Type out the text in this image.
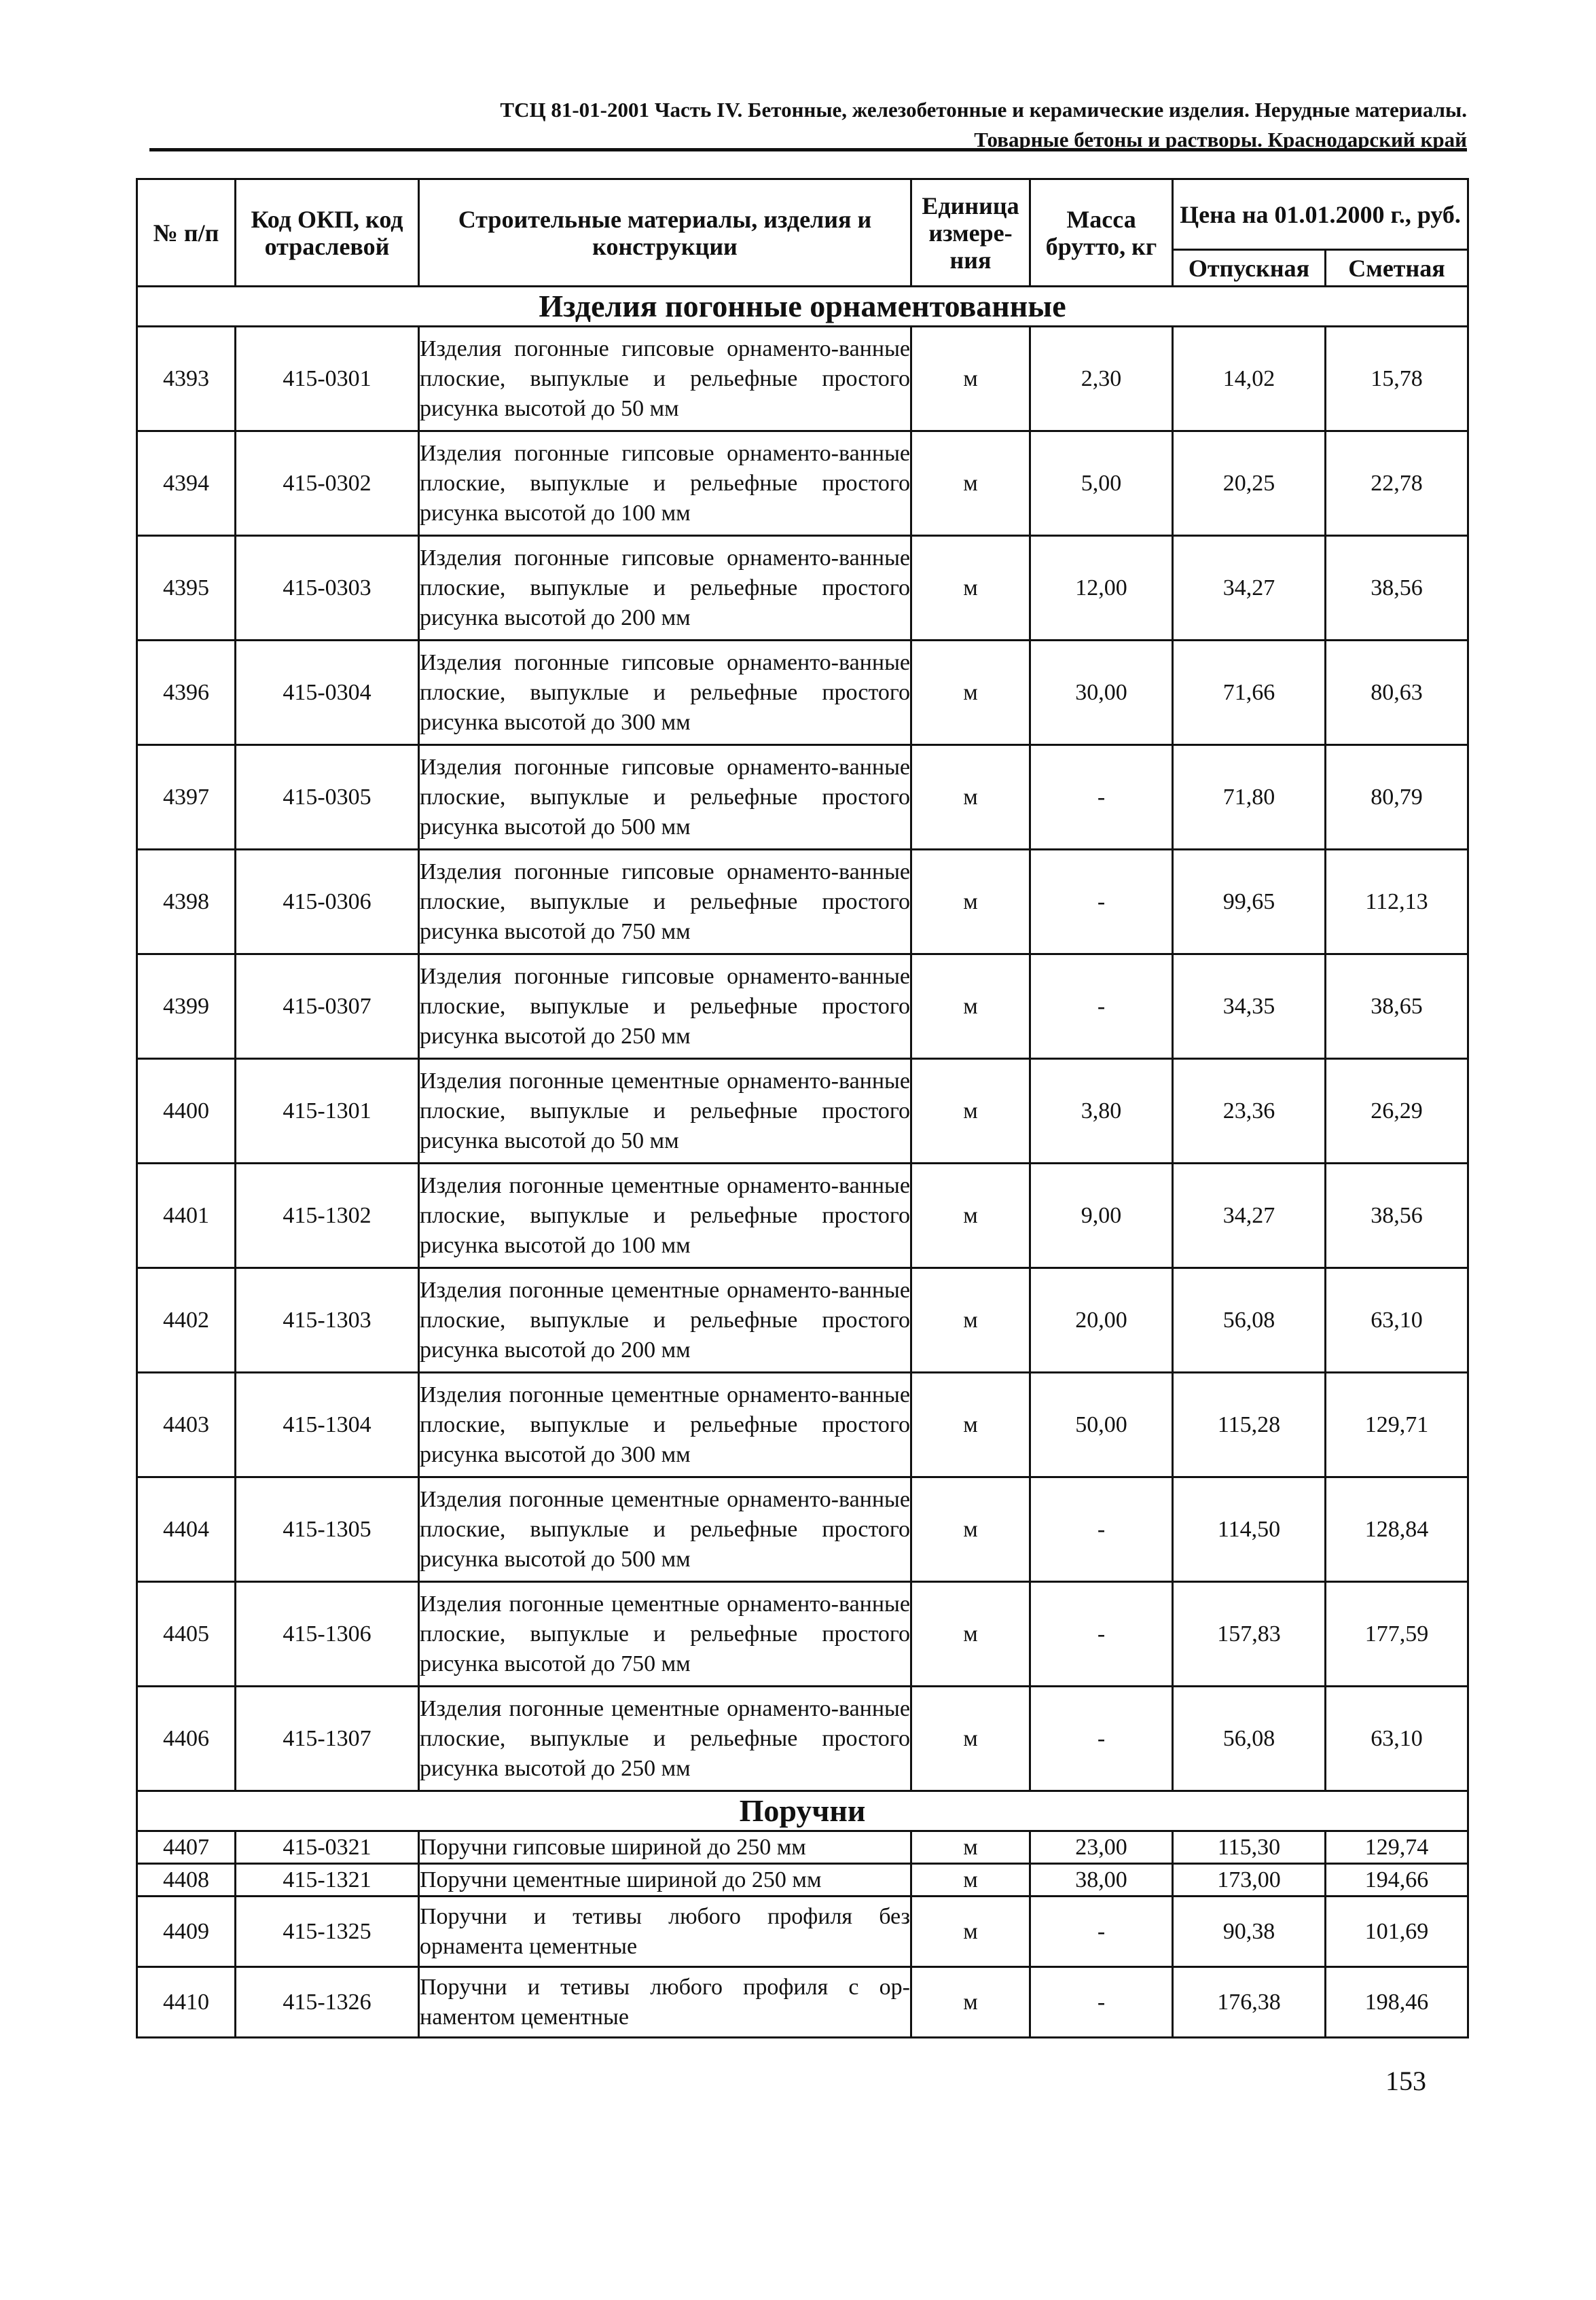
ТСЦ 81-01-2001 Часть IV. Бетонные, железобетонные и керамические изделия. Нерудные материалы.
Товарные бетоны и растворы. Краснодарский край
№ п/п	Код ОКП, код отраслевой	Строительные материалы, изделия и конструкции	Единица измере-ния	Масса брутто, кг	Цена на 01.01.2000 г., руб.	
					Отпускная	Сметная
Изделия погонные орнаментованные						
4393	415-0301	Изделия погонные гипсовые орнаменто-ванные плоские, выпуклые и рельефные простого рисунка высотой до 50 мм	м	2,30	14,02	15,78
4394	415-0302	Изделия погонные гипсовые орнаменто-ванные плоские, выпуклые и рельефные простого рисунка высотой до 100 мм	м	5,00	20,25	22,78
4395	415-0303	Изделия погонные гипсовые орнаменто-ванные плоские, выпуклые и рельефные простого рисунка высотой до 200 мм	м	12,00	34,27	38,56
4396	415-0304	Изделия погонные гипсовые орнаменто-ванные плоские, выпуклые и рельефные простого рисунка высотой до 300 мм	м	30,00	71,66	80,63
4397	415-0305	Изделия погонные гипсовые орнаменто-ванные плоские, выпуклые и рельефные простого рисунка высотой до 500 мм	м	-	71,80	80,79
4398	415-0306	Изделия погонные гипсовые орнаменто-ванные плоские, выпуклые и рельефные простого рисунка высотой до 750 мм	м	-	99,65	112,13
4399	415-0307	Изделия погонные гипсовые орнаменто-ванные плоские, выпуклые и рельефные простого рисунка высотой до 250 мм	м	-	34,35	38,65
4400	415-1301	Изделия погонные цементные орнаменто-ванные плоские, выпуклые и рельефные простого рисунка высотой до 50 мм	м	3,80	23,36	26,29
4401	415-1302	Изделия погонные цементные орнаменто-ванные плоские, выпуклые и рельефные простого рисунка высотой до 100 мм	м	9,00	34,27	38,56
4402	415-1303	Изделия погонные цементные орнаменто-ванные плоские, выпуклые и рельефные простого рисунка высотой до 200 мм	м	20,00	56,08	63,10
4403	415-1304	Изделия погонные цементные орнаменто-ванные плоские, выпуклые и рельефные простого рисунка высотой до 300 мм	м	50,00	115,28	129,71
4404	415-1305	Изделия погонные цементные орнаменто-ванные плоские, выпуклые и рельефные простого рисунка высотой до 500 мм	м	-	114,50	128,84
4405	415-1306	Изделия погонные цементные орнаменто-ванные плоские, выпуклые и рельефные простого рисунка высотой до 750 мм	м	-	157,83	177,59
4406	415-1307	Изделия погонные цементные орнаменто-ванные плоские, выпуклые и рельефные простого рисунка высотой до 250 мм	м	-	56,08	63,10
Поручни						
4407	415-0321	Поручни гипсовые шириной до 250 мм	м	23,00	115,30	129,74
4408	415-1321	Поручни цементные шириной до 250 мм	м	38,00	173,00	194,66
4409	415-1325	Поручни и тетивы любого профиля без орнамента цементные	м	-	90,38	101,69
4410	415-1326	Поручни и тетивы любого профиля с ор-наментом цементные	м	-	176,38	198,46
153
